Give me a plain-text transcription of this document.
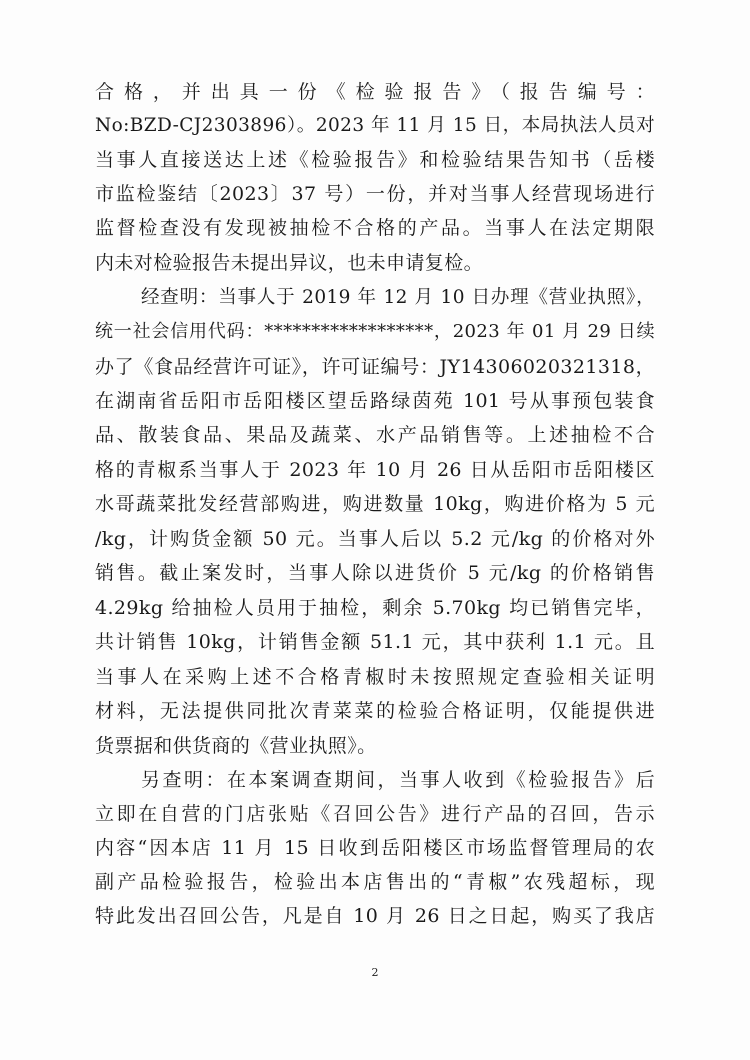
合格，并出具一份《检验报告》（报告编号：
No:BZD-CJ2303896）。2023 年 11 月 15 日，本局执法人员对
当事人直接送达上述《检验报告》和检验结果告知书（岳楼
市监检鉴结〔2023〕37 号）一份，并对当事人经营现场进行
监督检查没有发现被抽检不合格的产品。当事人在法定期限
内未对检验报告未提出异议，也未申请复检。
经查明：当事人于 2019 年 12 月 10 日办理《营业执照》，
统一社会信用代码：******************，2023 年 01 月 29 日续
办了《食品经营许可证》，许可证编号：JY14306020321318，
在湖南省岳阳市岳阳楼区望岳路绿茵苑 101 号从事预包装食
品、散装食品、果品及蔬菜、水产品销售等。上述抽检不合
格的青椒系当事人于 2023 年 10 月 26 日从岳阳市岳阳楼区
水哥蔬菜批发经营部购进，购进数量 10kg，购进价格为 5 元
/kg，计购货金额 50 元。当事人后以 5.2 元/kg 的价格对外
销售。截止案发时，当事人除以进货价 5 元/kg 的价格销售
4.29kg 给抽检人员用于抽检，剩余 5.70kg 均已销售完毕，
共计销售 10kg，计销售金额 51.1 元，其中获利 1.1 元。且
当事人在采购上述不合格青椒时未按照规定查验相关证明
材料，无法提供同批次青菜菜的检验合格证明，仅能提供进
货票据和供货商的《营业执照》。
另查明：在本案调查期间，当事人收到《检验报告》后
立即在自营的门店张贴《召回公告》进行产品的召回，告示
内容“因本店 11 月 15 日收到岳阳楼区市场监督管理局的农
副产品检验报告，检验出本店售出的“青椒”农残超标，现
特此发出召回公告，凡是自 10 月 26 日之日起，购买了我店
2
